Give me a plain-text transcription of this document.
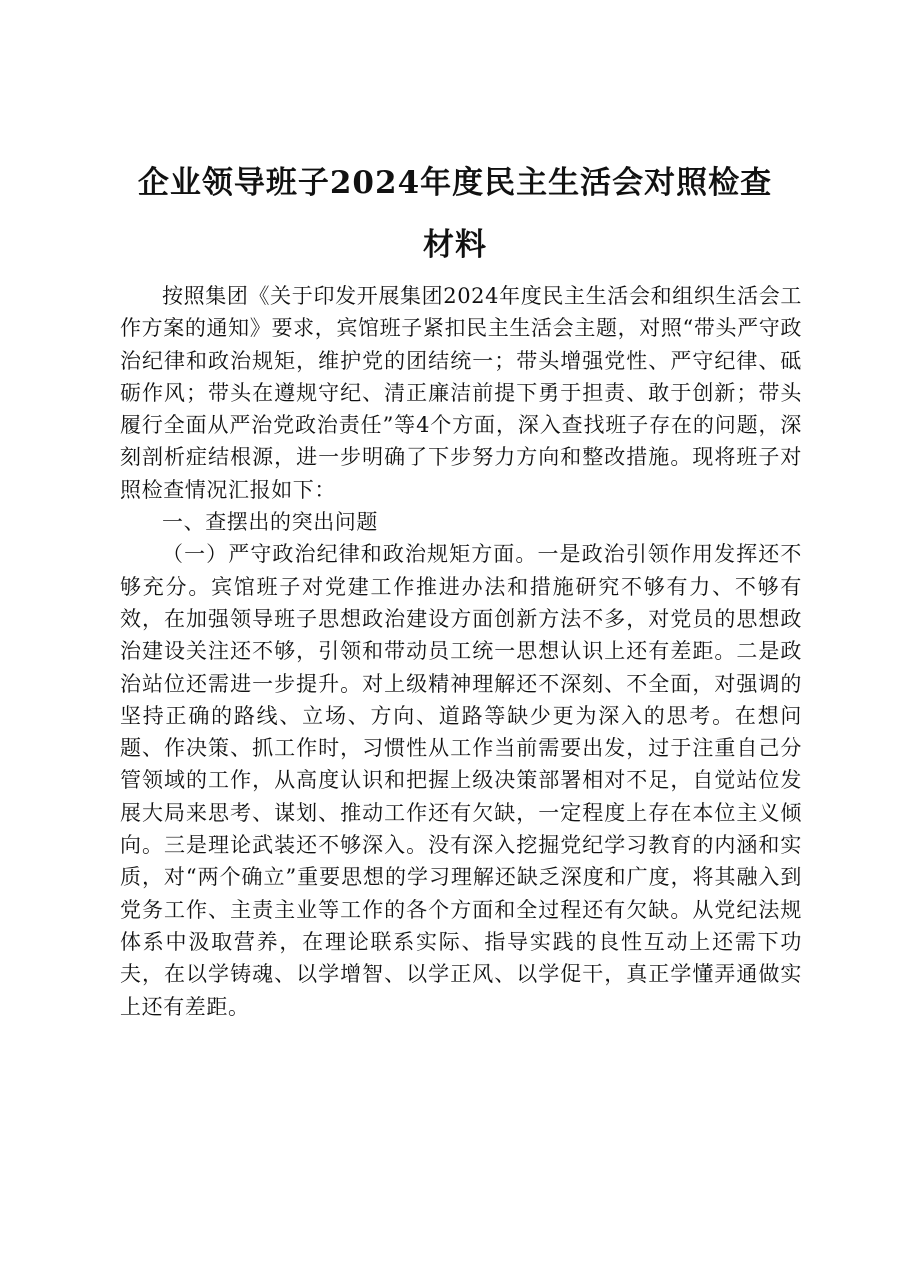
企业领导班子2024年度民主生活会对照检查
材料

按照集团《关于印发开展集团2024年度民主生活会和组织生活会工作方案的通知》要求，宾馆班子紧扣民主生活会主题，对照“带头严守政治纪律和政治规矩，维护党的团结统一；带头增强党性、严守纪律、砥砺作风；带头在遵规守纪、清正廉洁前提下勇于担责、敢于创新；带头履行全面从严治党政治责任”等4个方面，深入查找班子存在的问题，深刻剖析症结根源，进一步明确了下步努力方向和整改措施。现将班子对照检查情况汇报如下：

一、查摆出的突出问题

（一）严守政治纪律和政治规矩方面。一是政治引领作用发挥还不够充分。宾馆班子对党建工作推进办法和措施研究不够有力、不够有效，在加强领导班子思想政治建设方面创新方法不多，对党员的思想政治建设关注还不够，引领和带动员工统一思想认识上还有差距。二是政治站位还需进一步提升。对上级精神理解还不深刻、不全面，对强调的坚持正确的路线、立场、方向、道路等缺少更为深入的思考。在想问题、作决策、抓工作时，习惯性从工作当前需要出发，过于注重自己分管领域的工作，从高度认识和把握上级决策部署相对不足，自觉站位发展大局来思考、谋划、推动工作还有欠缺，一定程度上存在本位主义倾向。三是理论武装还不够深入。没有深入挖掘党纪学习教育的内涵和实质，对“两个确立”重要思想的学习理解还缺乏深度和广度，将其融入到党务工作、主责主业等工作的各个方面和全过程还有欠缺。从党纪法规体系中汲取营养，在理论联系实际、指导实践的良性互动上还需下功夫，在以学铸魂、以学增智、以学正风、以学促干，真正学懂弄通做实上还有差距。
